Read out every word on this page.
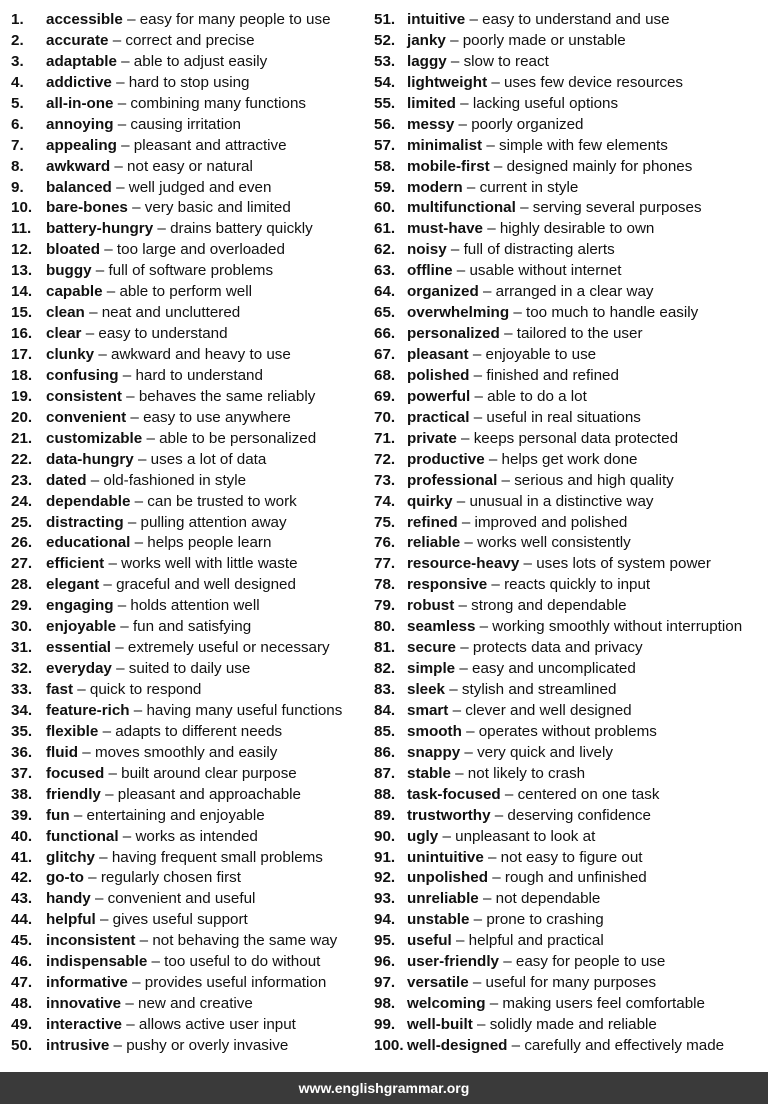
1. accessible – easy for many people to use
2. accurate – correct and precise
3. adaptable – able to adjust easily
4. addictive – hard to stop using
5. all-in-one – combining many functions
6. annoying – causing irritation
7. appealing – pleasant and attractive
8. awkward – not easy or natural
9. balanced – well judged and even
10. bare-bones – very basic and limited
11. battery-hungry – drains battery quickly
12. bloated – too large and overloaded
13. buggy – full of software problems
14. capable – able to perform well
15. clean – neat and uncluttered
16. clear – easy to understand
17. clunky – awkward and heavy to use
18. confusing – hard to understand
19. consistent – behaves the same reliably
20. convenient – easy to use anywhere
21. customizable – able to be personalized
22. data-hungry – uses a lot of data
23. dated – old-fashioned in style
24. dependable – can be trusted to work
25. distracting – pulling attention away
26. educational – helps people learn
27. efficient – works well with little waste
28. elegant – graceful and well designed
29. engaging – holds attention well
30. enjoyable – fun and satisfying
31. essential – extremely useful or necessary
32. everyday – suited to daily use
33. fast – quick to respond
34. feature-rich – having many useful functions
35. flexible – adapts to different needs
36. fluid – moves smoothly and easily
37. focused – built around clear purpose
38. friendly – pleasant and approachable
39. fun – entertaining and enjoyable
40. functional – works as intended
41. glitchy – having frequent small problems
42. go-to – regularly chosen first
43. handy – convenient and useful
44. helpful – gives useful support
45. inconsistent – not behaving the same way
46. indispensable – too useful to do without
47. informative – provides useful information
48. innovative – new and creative
49. interactive – allows active user input
50. intrusive – pushy or overly invasive
51. intuitive – easy to understand and use
52. janky – poorly made or unstable
53. laggy – slow to react
54. lightweight – uses few device resources
55. limited – lacking useful options
56. messy – poorly organized
57. minimalist – simple with few elements
58. mobile-first – designed mainly for phones
59. modern – current in style
60. multifunctional – serving several purposes
61. must-have – highly desirable to own
62. noisy – full of distracting alerts
63. offline – usable without internet
64. organized – arranged in a clear way
65. overwhelming – too much to handle easily
66. personalized – tailored to the user
67. pleasant – enjoyable to use
68. polished – finished and refined
69. powerful – able to do a lot
70. practical – useful in real situations
71. private – keeps personal data protected
72. productive – helps get work done
73. professional – serious and high quality
74. quirky – unusual in a distinctive way
75. refined – improved and polished
76. reliable – works well consistently
77. resource-heavy – uses lots of system power
78. responsive – reacts quickly to input
79. robust – strong and dependable
80. seamless – working smoothly without interruption
81. secure – protects data and privacy
82. simple – easy and uncomplicated
83. sleek – stylish and streamlined
84. smart – clever and well designed
85. smooth – operates without problems
86. snappy – very quick and lively
87. stable – not likely to crash
88. task-focused – centered on one task
89. trustworthy – deserving confidence
90. ugly – unpleasant to look at
91. unintuitive – not easy to figure out
92. unpolished – rough and unfinished
93. unreliable – not dependable
94. unstable – prone to crashing
95. useful – helpful and practical
96. user-friendly – easy for people to use
97. versatile – useful for many purposes
98. welcoming – making users feel comfortable
99. well-built – solidly made and reliable
100. well-designed – carefully and effectively made
www.englishgrammar.org
